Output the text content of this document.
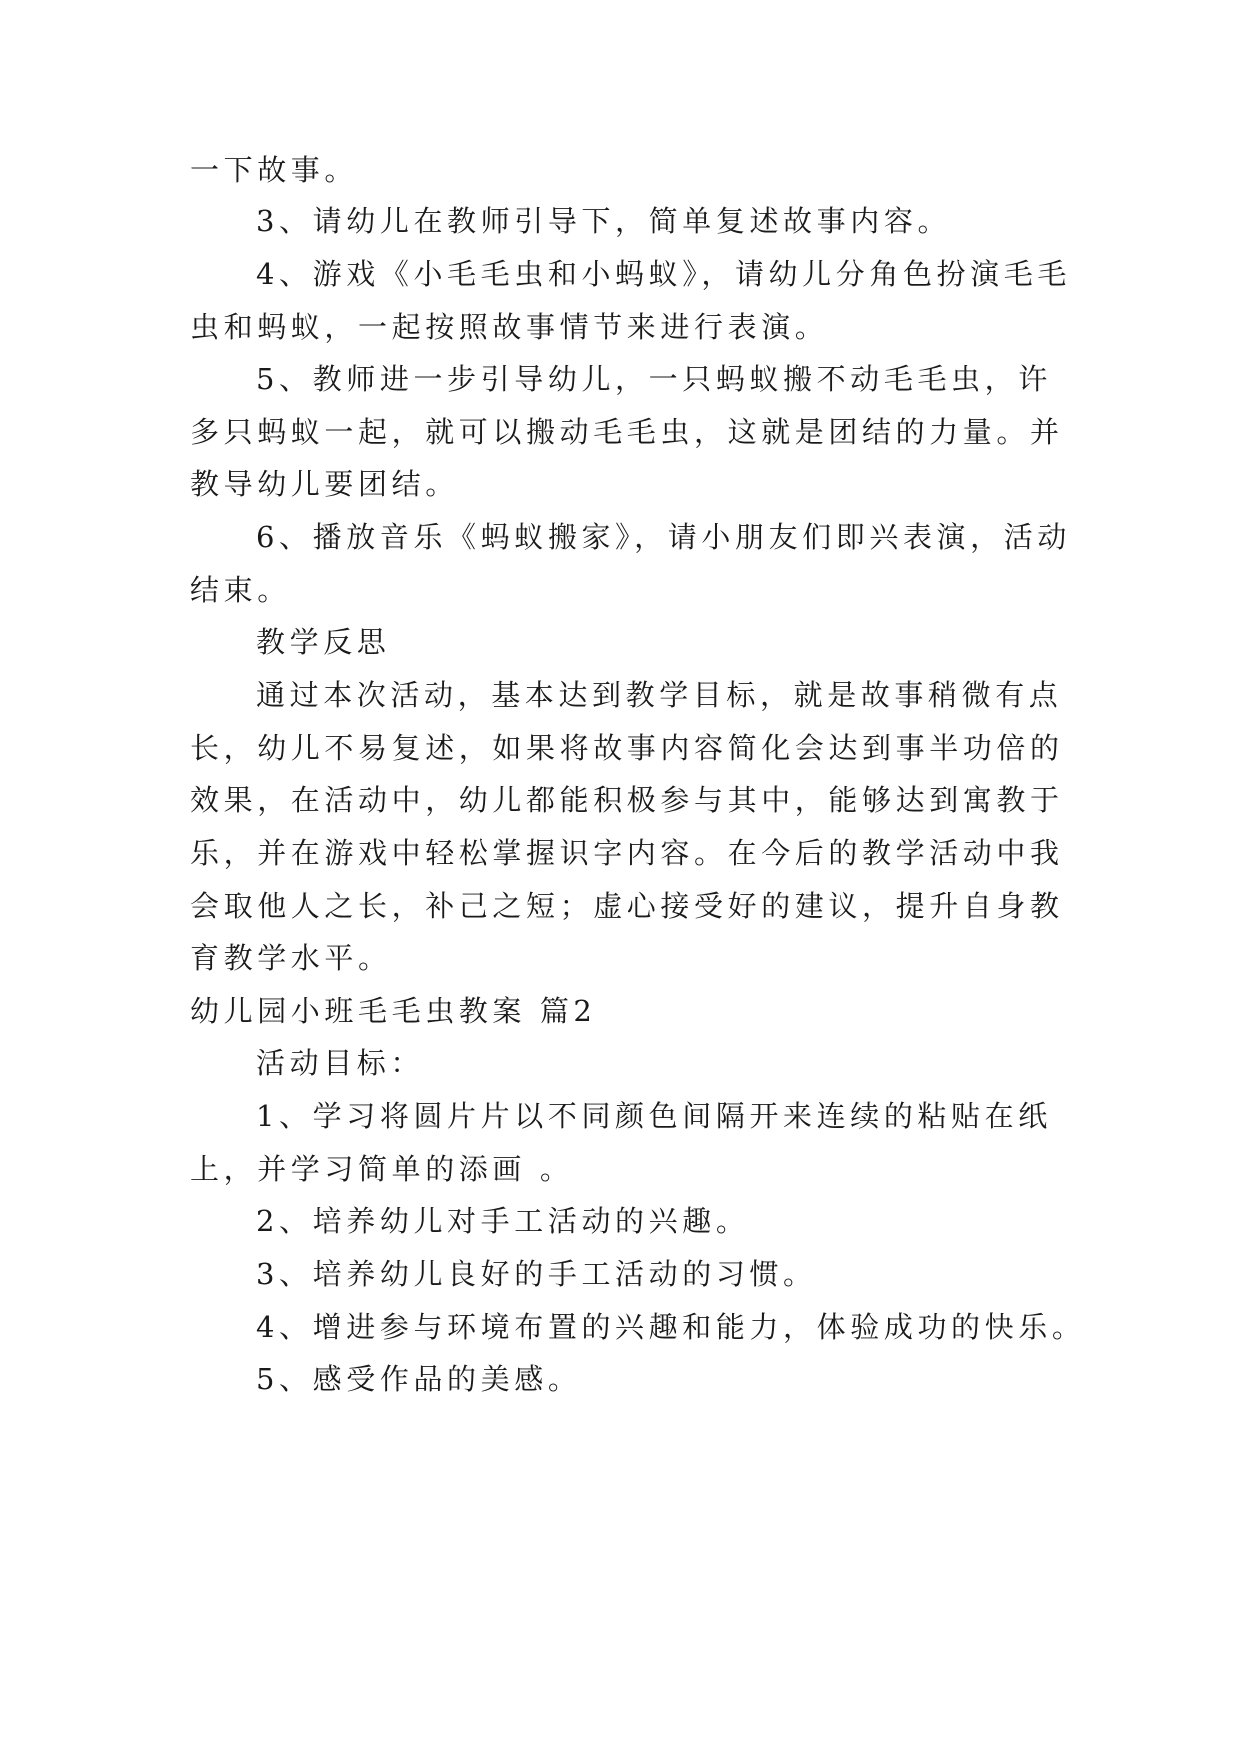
一下故事。
3、请幼儿在教师引导下，简单复述故事内容。
4、游戏《小毛毛虫和小蚂蚁》，请幼儿分角色扮演毛毛
虫和蚂蚁，一起按照故事情节来进行表演。
5、教师进一步引导幼儿，一只蚂蚁搬不动毛毛虫，许
多只蚂蚁一起，就可以搬动毛毛虫，这就是团结的力量。并
教导幼儿要团结。
6、播放音乐《蚂蚁搬家》，请小朋友们即兴表演，活动
结束。
教学反思
通过本次活动，基本达到教学目标，就是故事稍微有点
长，幼儿不易复述，如果将故事内容简化会达到事半功倍的
效果，在活动中，幼儿都能积极参与其中，能够达到寓教于
乐，并在游戏中轻松掌握识字内容。在今后的教学活动中我
会取他人之长，补己之短；虚心接受好的建议，提升自身教
育教学水平。
幼儿园小班毛毛虫教案 篇2
活动目标：
1、学习将圆片片以不同颜色间隔开来连续的粘贴在纸
上，并学习简单的添画 。
2、培养幼儿对手工活动的兴趣。
3、培养幼儿良好的手工活动的习惯。
4、增进参与环境布置的兴趣和能力，体验成功的快乐。
5、感受作品的美感。
